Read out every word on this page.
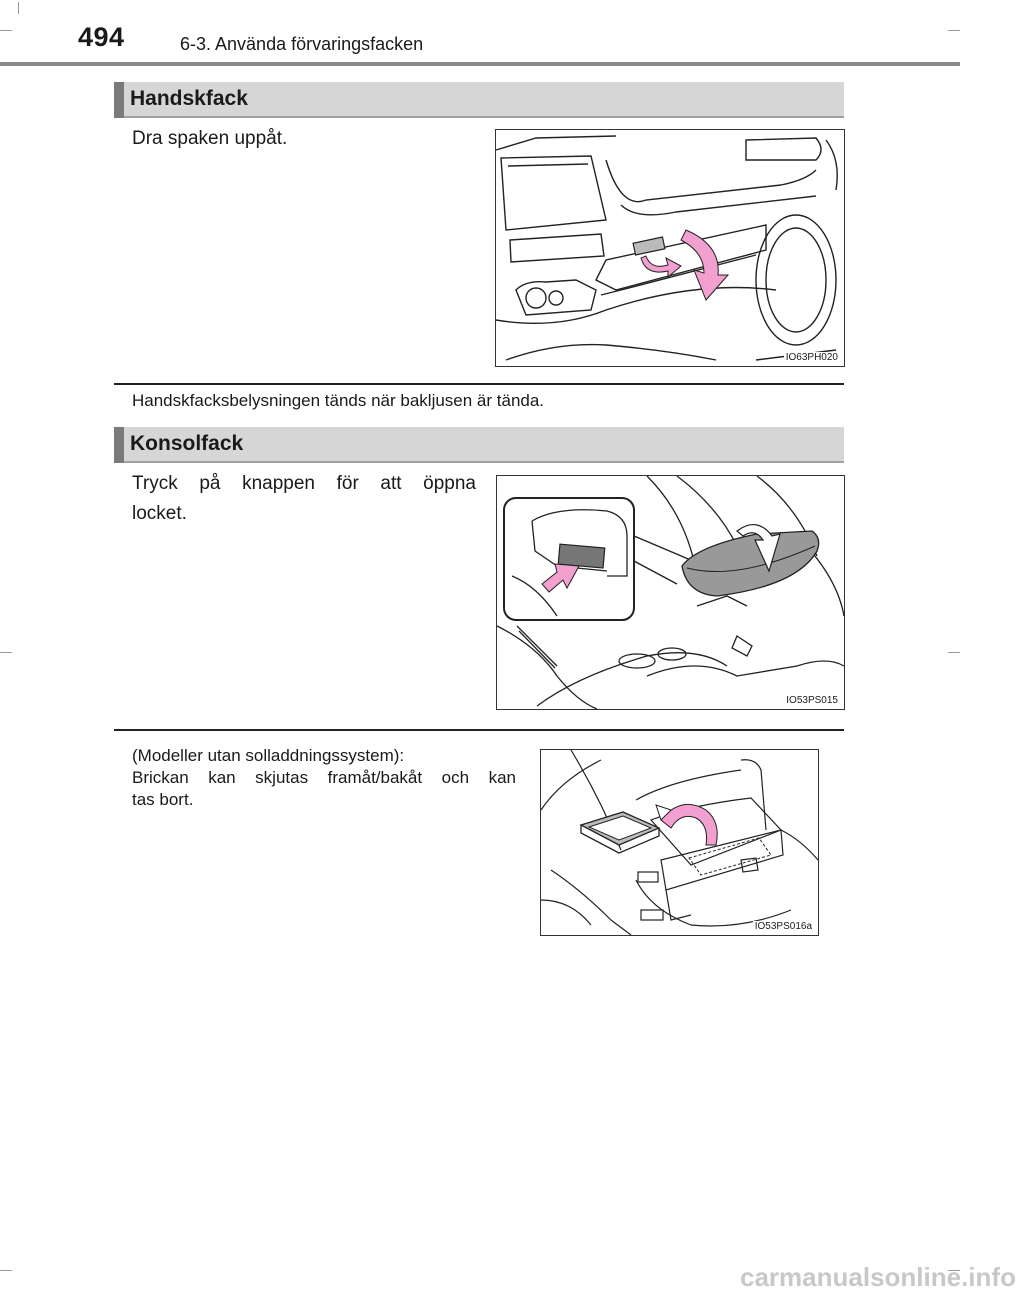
494	6-3. Använda förvaringsfacken
Handskfack
Dra spaken uppåt.
IO63PH020
Handskfacksbelysningen tänds när bakljusen är tända.
Konsolfack
Tryck på knappen för att öppna
locket.
IO53PS015
(Modeller utan solladdningssystem):
Brickan kan skjutas framåt/bakåt och kan
tas bort.
IO53PS016a
carmanualsonline.info
